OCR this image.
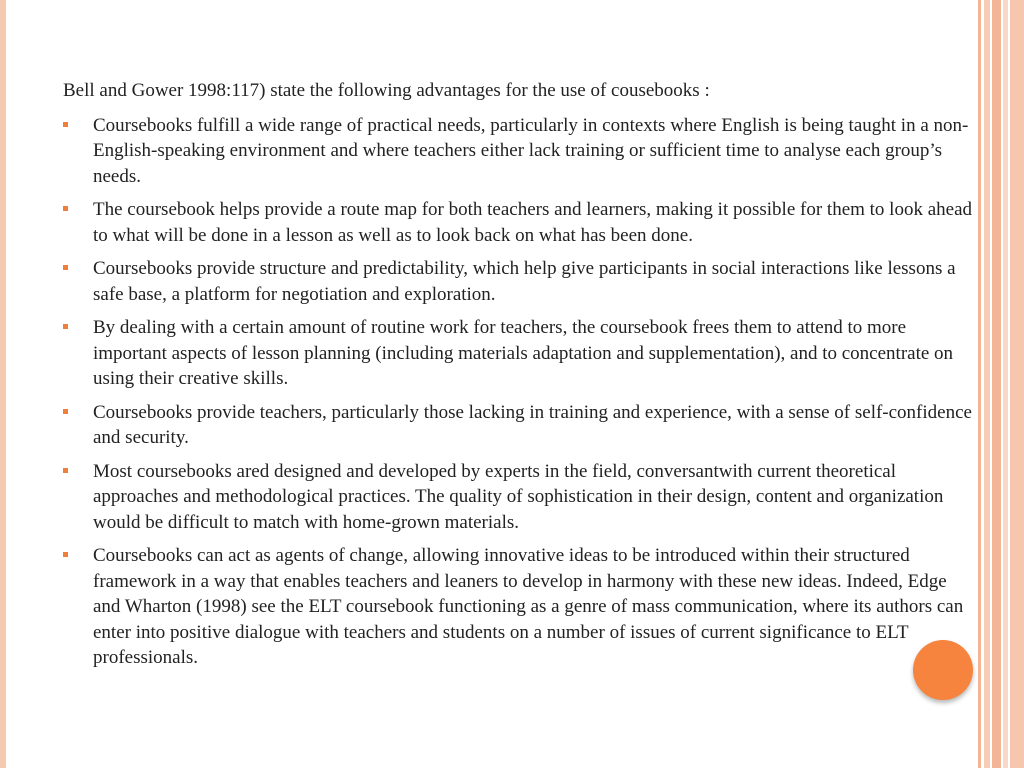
Bell and Gower 1998:117) state the following advantages for the use of cousebooks :

Coursebooks fulfill a wide range of practical needs, particularly in contexts where English is being taught in a non-English-speaking environment and where teachers either lack training or sufficient time to analyse each group’s needs.
The coursebook helps provide a route map for both teachers and learners, making it possible for them to look ahead to what will be done in a lesson as well as to look back on what has been done.
Coursebooks provide structure and predictability, which help give participants in social interactions like lessons a safe base, a platform for negotiation and exploration.
By dealing with a certain amount of routine work for teachers, the coursebook frees them to attend to more important aspects of lesson planning (including materials adaptation and supplementation), and to concentrate on using their creative skills.
Coursebooks provide teachers, particularly those lacking in training and experience, with a sense of self-confidence and security.
Most coursebooks ared designed and developed by experts in the field, conversantwith current theoretical approaches and methodological practices. The quality of sophistication in their design, content and organization would be difficult to match with home-grown materials.
Coursebooks can act as agents of change, allowing innovative ideas to be introduced within their structured framework in a way that enables teachers and leaners to develop in harmony with these new ideas. Indeed, Edge and Wharton (1998) see the ELT coursebook functioning as a genre of mass communication, where its authors can enter into positive dialogue with teachers and students on a number of issues of current significance to ELT professionals.
